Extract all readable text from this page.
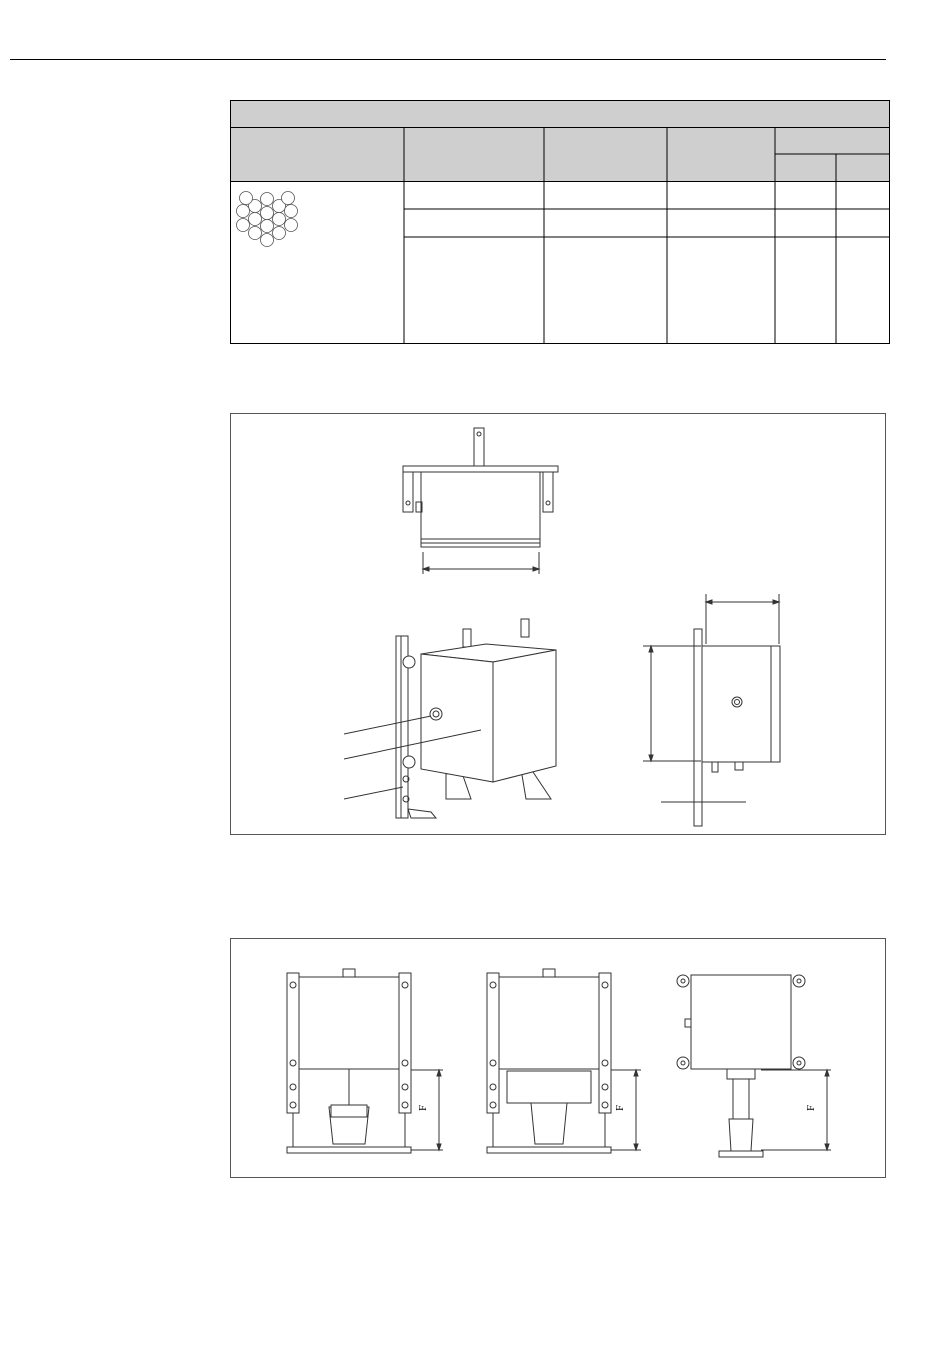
F	F	F
